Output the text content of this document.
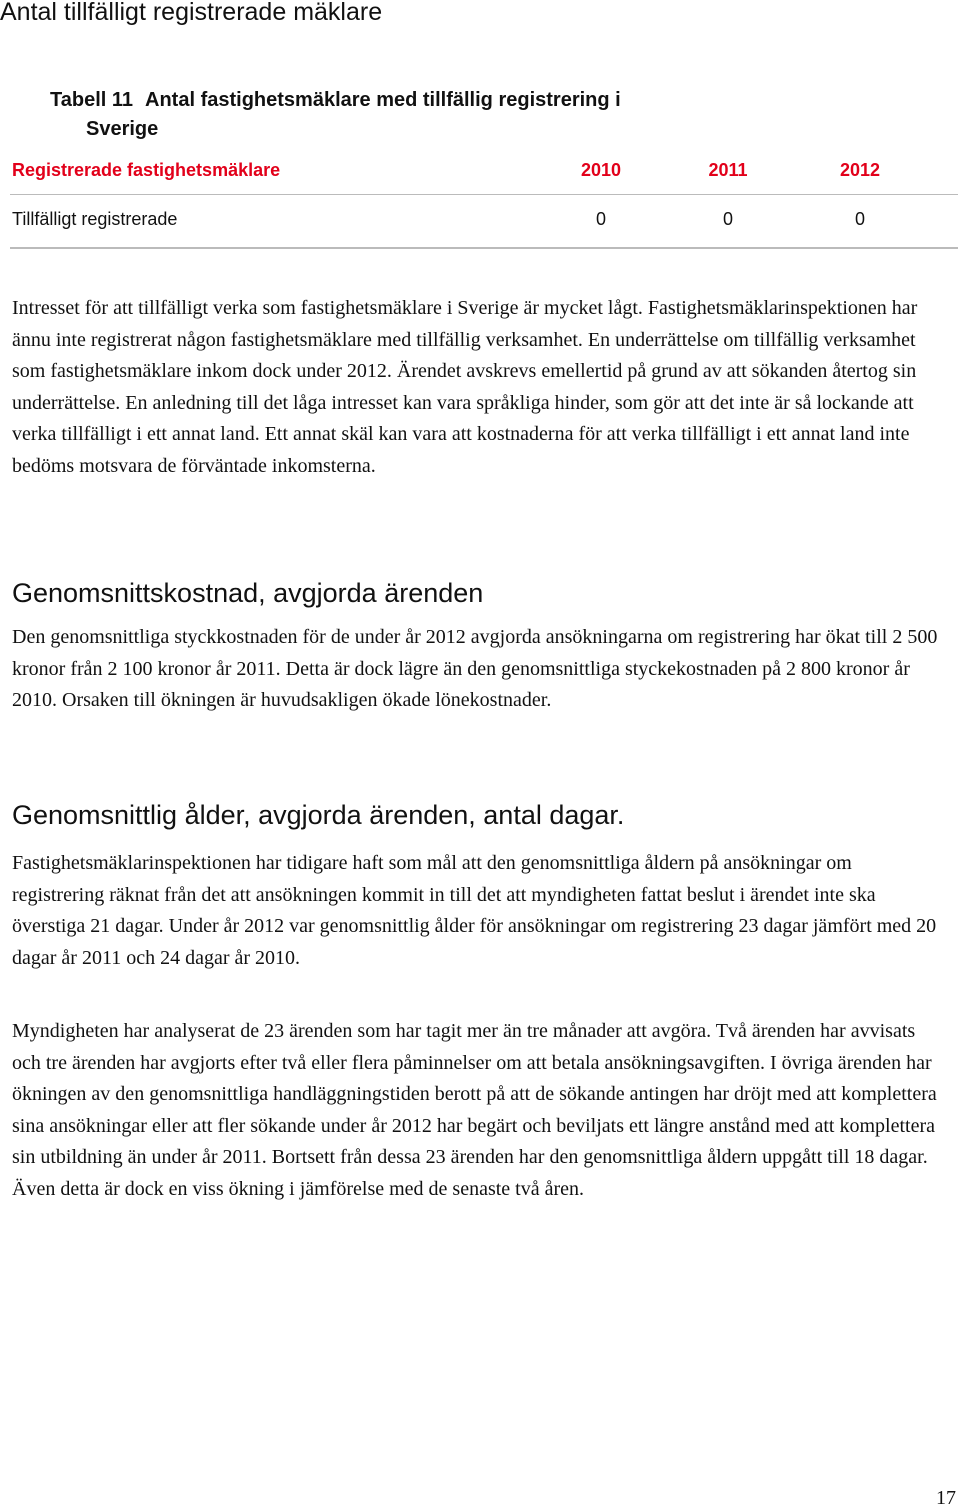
Antal tillfälligt registrerade mäklare

Tabell 11 Antal fastighetsmäklare med tillfällig registrering i
Sverige

Registrerade fastighetsmäklare	2010	2011	2012
Tillfälligt registrerade	0	0	0

Intresset för att tillfälligt verka som fastighetsmäklare i Sverige är mycket lågt. Fastighetsmäklarinspektionen har ännu inte registrerat någon fastighetsmäklare med tillfällig verksamhet. En underrättelse om tillfällig verksamhet som fastighetsmäklare inkom dock under 2012. Ärendet avskrevs emellertid på grund av att sökanden återtog sin underrättelse. En anledning till det låga intresset kan vara språkliga hinder, som gör att det inte är så lockande att verka tillfälligt i ett annat land. Ett annat skäl kan vara att kostnaderna för att verka tillfälligt i ett annat land inte bedöms motsvara de förväntade inkomsterna.

Genomsnittskostnad, avgjorda ärenden

Den genomsnittliga styckkostnaden för de under år 2012 avgjorda ansökningarna om registrering har ökat till 2 500 kronor från 2 100 kronor år 2011. Detta är dock lägre än den genomsnittliga styckekostnaden på 2 800 kronor år 2010. Orsaken till ökningen är huvudsakligen ökade lönekostnader.

Genomsnittlig ålder, avgjorda ärenden, antal dagar.

Fastighetsmäklarinspektionen har tidigare haft som mål att den genomsnittliga åldern på ansökningar om registrering räknat från det att ansökningen kommit in till det att myndigheten fattat beslut i ärendet inte ska överstiga 21 dagar. Under år 2012 var genomsnittlig ålder för ansökningar om registrering 23 dagar jämfört med 20 dagar år 2011 och 24 dagar år 2010.

Myndigheten har analyserat de 23 ärenden som har tagit mer än tre månader att avgöra. Två ärenden har avvisats och tre ärenden har avgjorts efter två eller flera påminnelser om att betala ansökningsavgiften. I övriga ärenden har ökningen av den genomsnittliga handläggningstiden berott på att de sökande antingen har dröjt med att komplettera sina ansökningar eller att fler sökande under år 2012 har begärt och beviljats ett längre anstånd med att komplettera sin utbildning än under år 2011. Bortsett från dessa 23 ärenden har den genomsnittliga åldern uppgått till 18 dagar. Även detta är dock en viss ökning i jämförelse med de senaste två åren.

17
